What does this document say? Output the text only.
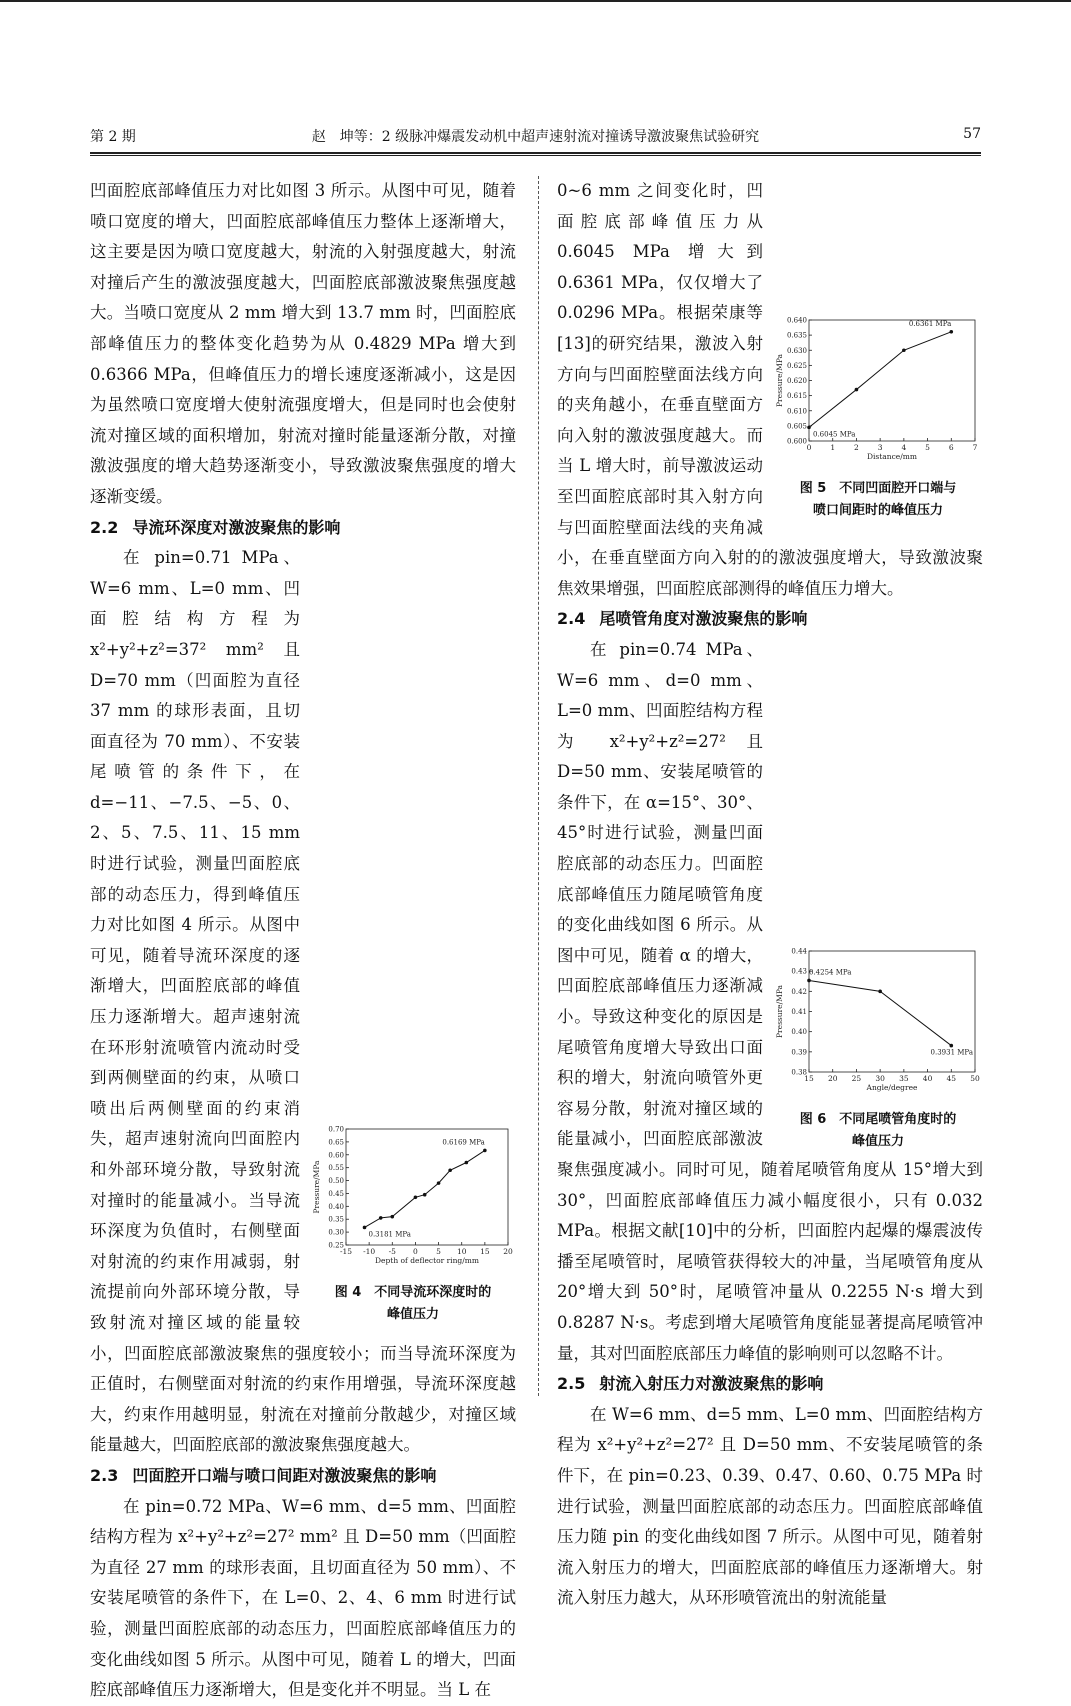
第 2 期	赵　坤等：2 级脉冲爆震发动机中超声速射流对撞诱导激波聚焦试验研究	57

凹面腔底部峰值压力对比如图 3 所示。从图中可见，随着喷口宽度的增大，凹面腔底部峰值压力整体上逐渐增大，这主要是因为喷口宽度越大，射流的入射强度越大，射流对撞后产生的激波强度越大，凹面腔底部激波聚焦强度越大。当喷口宽度从 2 mm 增大到 13.7 mm 时，凹面腔底部峰值压力的整体变化趋势为从 0.4829 MPa 增大到 0.6366 MPa，但峰值压力的增长速度逐渐减小，这是因为虽然喷口宽度增大使射流强度增大，但是同时也会使射流对撞区域的面积增加，射流对撞时能量逐渐分散，对撞激波强度的增大趋势逐渐变小，导致激波聚焦强度的增大逐渐变缓。

2.2 导流环深度对激波聚焦的影响
0.25
0.30
0.35
0.40
0.45
0.50
0.55
0.60
0.65
0.70
-15 -10 -5 0 5 10 15 20
Depth of deflector ring/mm
Pressure/MPa
0.6169 MPa
0.3181 MPa
图 4　不同导流环深度时的
峰值压力

在 pin=0.71 MPa、W=6 mm、L=0 mm、凹面腔结构方程为 x²+y²+z²=37² mm² 且 D=70 mm（凹面腔为直径 37 mm 的球形表面，且切面直径为 70 mm）、不安装尾喷管的条件下，在 d=−11、−7.5、−5、0、2、5、7.5、11、15 mm 时进行试验，测量凹面腔底部的动态压力，得到峰值压力对比如图 4 所示。从图中可见，随着导流环深度的逐渐增大，凹面腔底部的峰值压力逐渐增大。超声速射流在环形射流喷管内流动时受到两侧壁面的约束，从喷口喷出后两侧壁面的约束消失，超声速射流向凹面腔内和外部环境分散，导致射流对撞时的能量减小。当导流环深度为负值时，右侧壁面对射流的约束作用减弱，射流提前向外部环境分散，导致射流对撞区域的能量较小，凹面腔底部激波聚焦的强度较小；而当导流环深度为正值时，右侧壁面对射流的约束作用增强，导流环深度越大，约束作用越明显，射流在对撞前分散越少，对撞区域能量越大，凹面腔底部的激波聚焦强度越大。

2.3 凹面腔开口端与喷口间距对激波聚焦的影响

在 pin=0.72 MPa、W=6 mm、d=5 mm、凹面腔结构方程为 x²+y²+z²=27² mm² 且 D=50 mm（凹面腔为直径 27 mm 的球形表面，且切面直径为 50 mm）、不安装尾喷管的条件下，在 L=0、2、4、6 mm 时进行试验，测量凹面腔底部的动态压力，凹面腔底部峰值压力的变化曲线如图 5 所示。从图中可见，随着 L 的增大，凹面腔底部峰值压力逐渐增大，但是变化并不明显。当 L 在

0.600
0.605
0.610
0.615
0.620
0.625
0.630
0.635
0.640
0	1	2	3	4	5	6	7
Distance/mm
Pressure/MPa
0.6361 MPa
0.6045 MPa
图 5　不同凹面腔开口端与
喷口间距时的峰值压力

0~6 mm 之间变化时，凹面腔底部峰值压力从 0.6045 MPa 增大到 0.6361 MPa，仅仅增大了 0.0296 MPa。根据荣康等[13]的研究结果，激波入射方向与凹面腔壁面法线方向的夹角越小，在垂直壁面方向入射的激波强度越大。而当 L 增大时，前导激波运动至凹面腔底部时其入射方向与凹面腔壁面法线的夹角减小，在垂直壁面方向入射的的激波强度增大，导致激波聚焦效果增强，凹面腔底部测得的峰值压力增大。

2.4 尾喷管角度对激波聚焦的影响
0.38
0.39
0.40
0.41
0.42
0.43
0.44
15 20 25 30 35 40 45 50
Angle/degree
Pressure/MPa
0.4254 MPa
0.3931 MPa
图 6　不同尾喷管角度时的
峰值压力

在 pin=0.74 MPa、W=6 mm、d=0 mm、L=0 mm、凹面腔结构方程为 x²+y²+z²=27² 且 D=50 mm、安装尾喷管的条件下，在 α=15°、30°、45°时进行试验，测量凹面腔底部的动态压力。凹面腔底部峰值压力随尾喷管角度的变化曲线如图 6 所示。从图中可见，随着 α 的增大，凹面腔底部峰值压力逐渐减小。导致这种变化的原因是尾喷管角度增大导致出口面积的增大，射流向喷管外更容易分散，射流对撞区域的能量减小，凹面腔底部激波聚焦强度减小。同时可见，随着尾喷管角度从 15°增大到 30°，凹面腔底部峰值压力减小幅度很小，只有 0.032 MPa。根据文献[10]中的分析，凹面腔内起爆的爆震波传播至尾喷管时，尾喷管获得较大的冲量，当尾喷管角度从 20°增大到 50°时，尾喷管冲量从 0.2255 N·s 增大到 0.8287 N·s。考虑到增大尾喷管角度能显著提高尾喷管冲量，其对凹面腔底部压力峰值的影响则可以忽略不计。

2.5 射流入射压力对激波聚焦的影响

在 W=6 mm、d=5 mm、L=0 mm、凹面腔结构方程为 x²+y²+z²=27² 且 D=50 mm、不安装尾喷管的条件下，在 pin=0.23、0.39、0.47、0.60、0.75 MPa 时进行试验，测量凹面腔底部的动态压力。凹面腔底部峰值压力随 pin 的变化曲线如图 7 所示。从图中可见，随着射流入射压力的增大，凹面腔底部的峰值压力逐渐增大。射流入射压力越大，从环形喷管流出的射流能量
